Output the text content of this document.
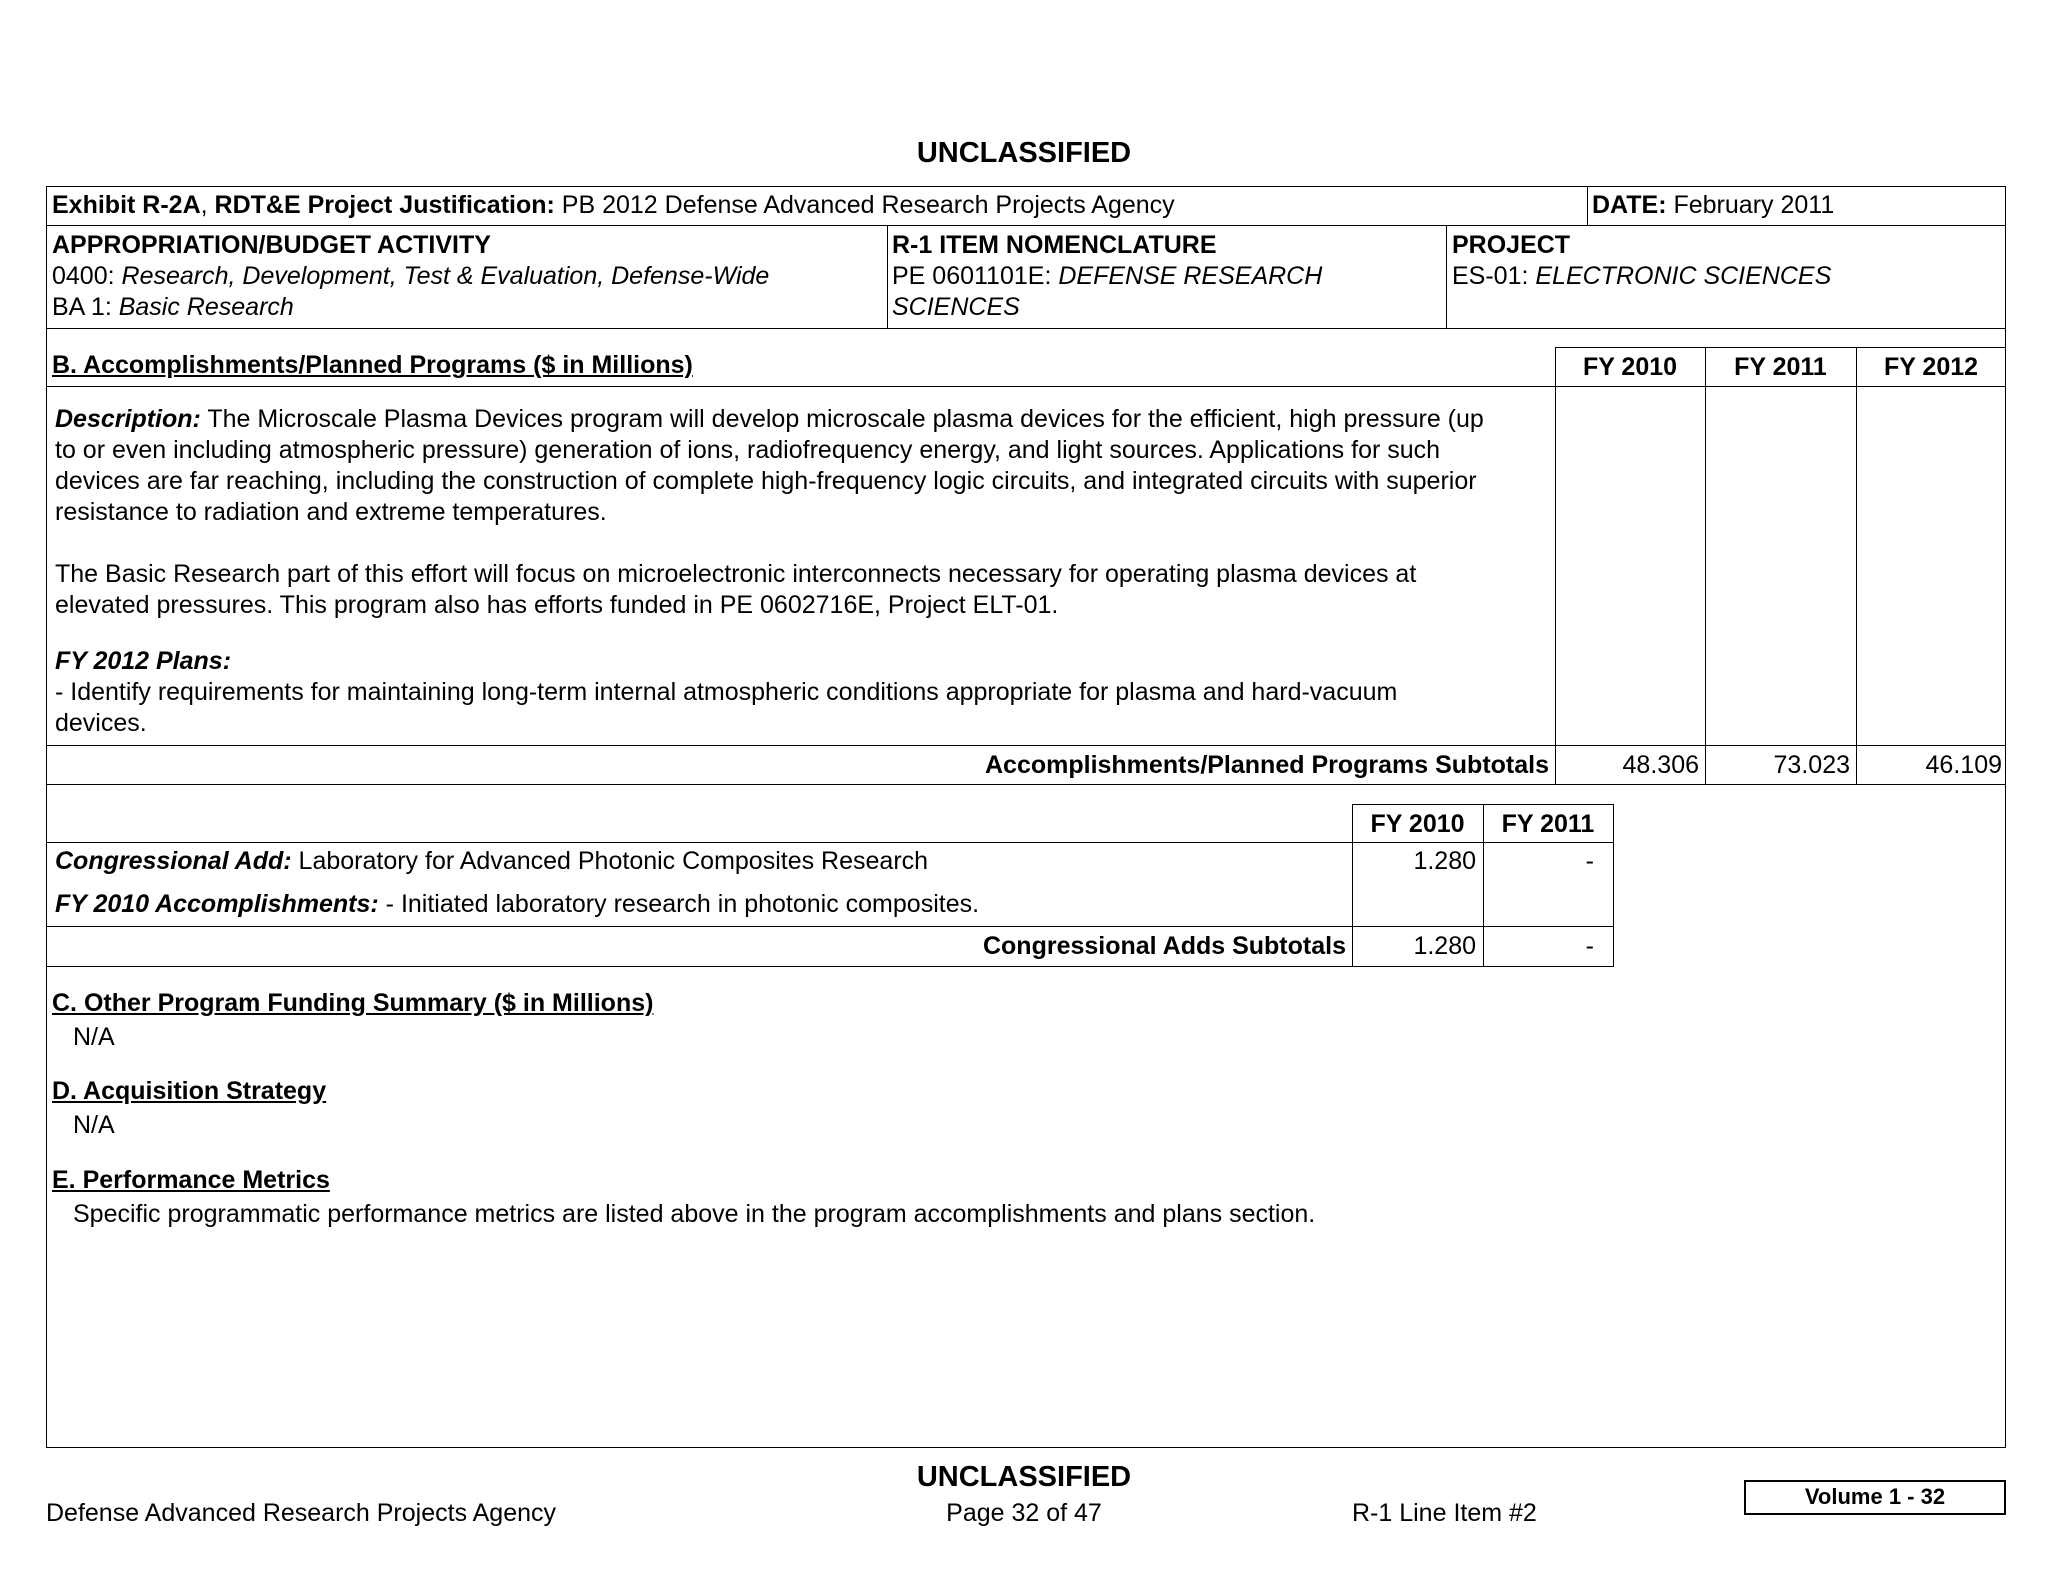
UNCLASSIFIED
Exhibit R-2A, RDT&E Project Justification: PB 2012 Defense Advanced Research Projects Agency	DATE: February 2011
APPROPRIATION/BUDGET ACTIVITY
0400: Research, Development, Test & Evaluation, Defense-Wide
BA 1: Basic Research
R-1 ITEM NOMENCLATURE
PE 0601101E: DEFENSE RESEARCH
SCIENCES
PROJECT
ES-01: ELECTRONIC SCIENCES
B. Accomplishments/Planned Programs ($ in Millions)	FY 2010	FY 2011	FY 2012
Description: The Microscale Plasma Devices program will develop microscale plasma devices for the efficient, high pressure (up
to or even including atmospheric pressure) generation of ions, radiofrequency energy, and light sources. Applications for such
devices are far reaching, including the construction of complete high-frequency logic circuits, and integrated circuits with superior
resistance to radiation and extreme temperatures.
The Basic Research part of this effort will focus on microelectronic interconnects necessary for operating plasma devices at
elevated pressures. This program also has efforts funded in PE 0602716E, Project ELT-01.
FY 2012 Plans:
- Identify requirements for maintaining long-term internal atmospheric conditions appropriate for plasma and hard-vacuum
devices.
Accomplishments/Planned Programs Subtotals	48.306	73.023	46.109
FY 2010	FY 2011
Congressional Add: Laboratory for Advanced Photonic Composites Research	1.280	-
FY 2010 Accomplishments: - Initiated laboratory research in photonic composites.
Congressional Adds Subtotals	1.280	-
C. Other Program Funding Summary ($ in Millions)
N/A
D. Acquisition Strategy
N/A
E. Performance Metrics
Specific programmatic performance metrics are listed above in the program accomplishments and plans section.
UNCLASSIFIED
Defense Advanced Research Projects Agency	Page 32 of 47	R-1 Line Item #2
Volume 1 - 32
